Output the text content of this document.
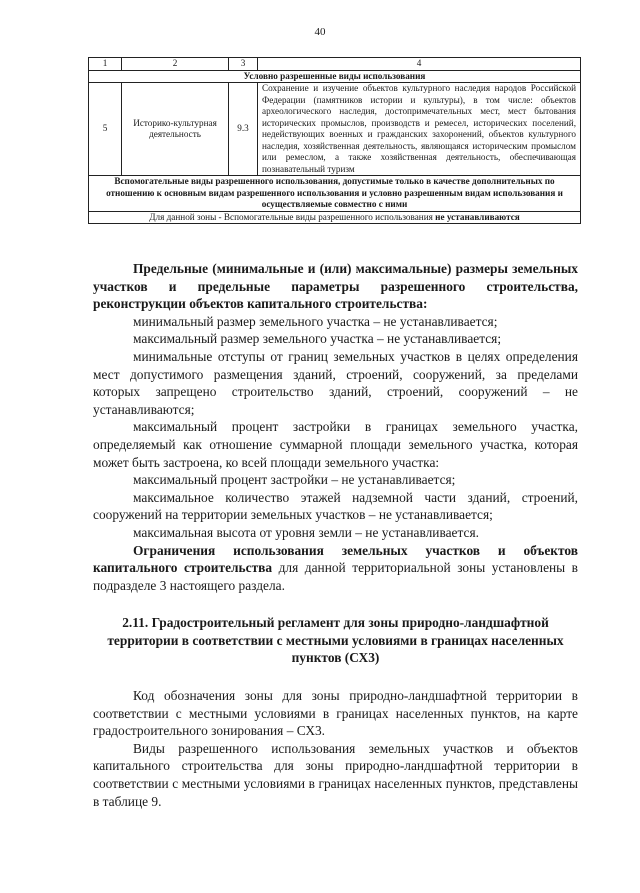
40
1	2	3	4
Условно разрешенные виды использования			
5	Историко-культурная деятельность	9.3	Сохранение и изучение объектов культурного наследия народов Российской Федерации (памятников истории и культуры), в том числе: объектов археологического наследия, достопримечательных мест, мест бытования исторических промыслов, производств и ремесел, исторических поселений, недействующих военных и гражданских захоронений, объектов культурного наследия, хозяйственная деятельность, являющаяся историческим промыслом или ремеслом, а также хозяйственная деятельность, обеспечивающая познавательный туризм
Вспомогательные виды разрешенного использования, допустимые только в качестве дополнительных по отношению к основным видам разрешенного использования и условно разрешенным видам использования и осуществляемые совместно с ними			
Для данной зоны - Вспомогательные виды разрешенного использования не устанавливаются			

Предельные (минимальные и (или) максимальные) размеры земельных участков и предельные параметры разрешенного строительства, реконструкции объектов капитального строительства:

минимальный размер земельного участка – не устанавливается;

максимальный размер земельного участка – не устанавливается;

минимальные отступы от границ земельных участков в целях определения мест допустимого размещения зданий, строений, сооружений, за пределами которых запрещено строительство зданий, строений, сооружений – не устанавливаются;

максимальный процент застройки в границах земельного участка, определяемый как отношение суммарной площади земельного участка, которая может быть застроена, ко всей площади земельного участка:

максимальный процент застройки – не устанавливается;

максимальное количество этажей надземной части зданий, строений, сооружений на территории земельных участков – не устанавливается;

максимальная высота от уровня земли – не устанавливается.

Ограничения использования земельных участков и объектов капитального строительства для данной территориальной зоны установлены в подразделе 3 настоящего раздела.

2.11. Градостроительный регламент для зоны природно-ландшафтной территории в соответствии с местными условиями в границах населенных пунктов (СХ3)

Код обозначения зоны для зоны природно-ландшафтной территории в соответствии с местными условиями в границах населенных пунктов, на карте градостроительного зонирования – СХ3.

Виды разрешенного использования земельных участков и объектов капитального строительства для зоны природно-ландшафтной территории в соответствии с местными условиями в границах населенных пунктов, представлены в таблице 9.
